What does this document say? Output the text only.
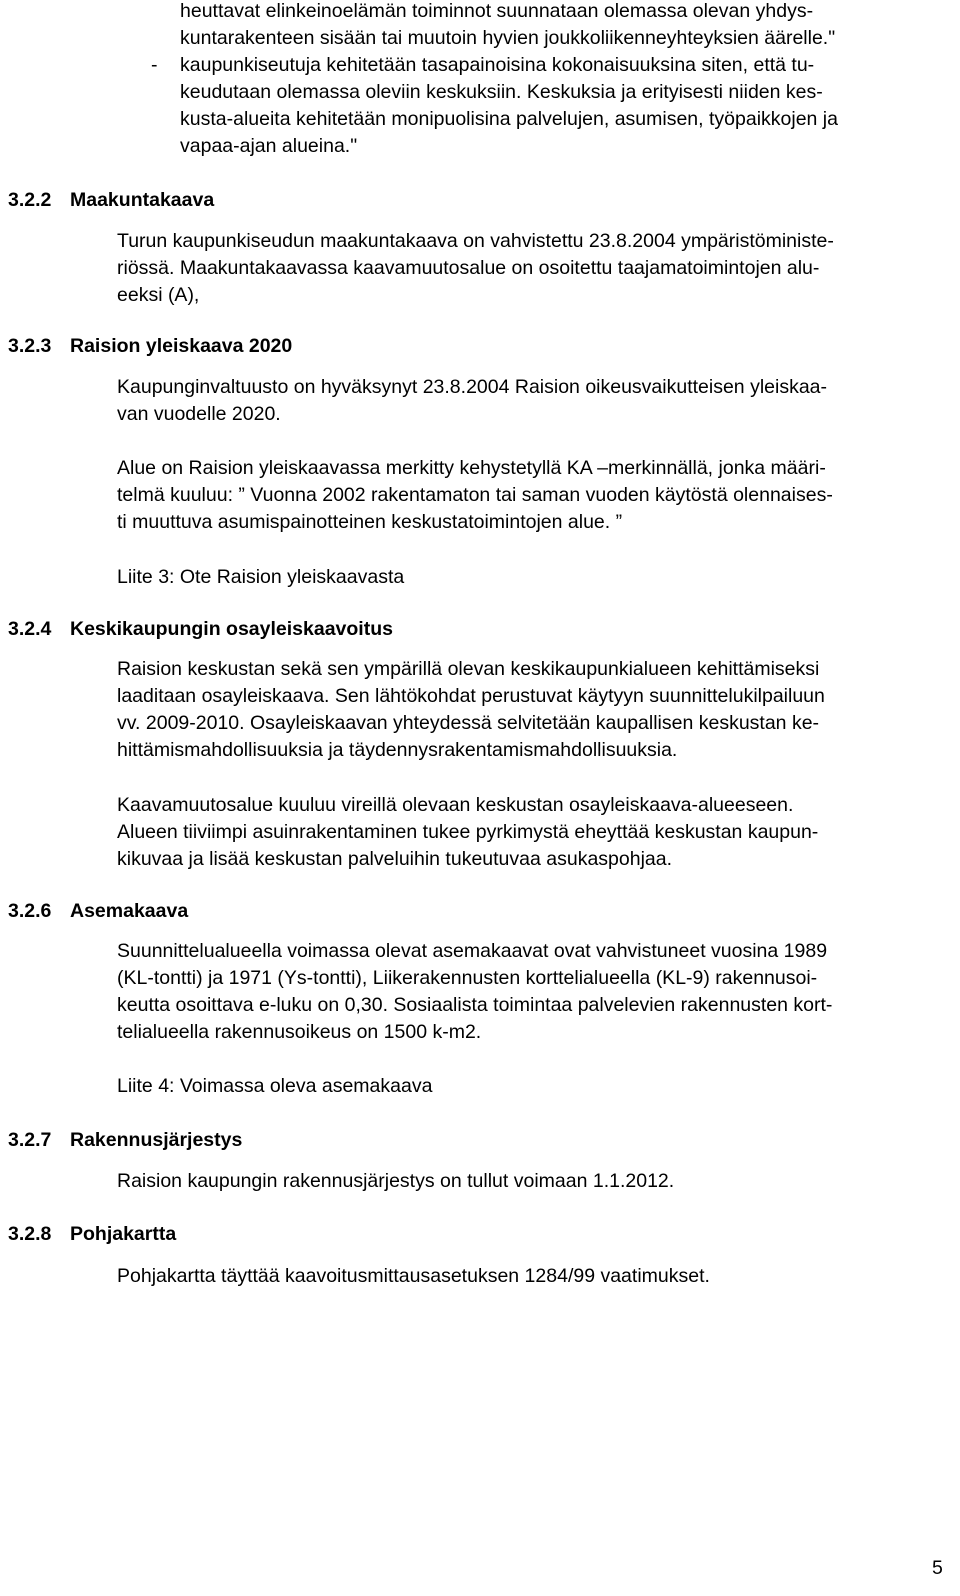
heuttavat elinkeinoelämän toiminnot suunnataan olemassa olevan yhdys-
kuntarakenteen sisään tai muutoin hyvien joukkoliikenneyhteyksien äärelle."
- kaupunkiseutuja kehitetään tasapainoisina kokonaisuuksina siten, että tu-
keudutaan olemassa oleviin keskuksiin. Keskuksia ja erityisesti niiden kes-
kusta-alueita kehitetään monipuolisina palvelujen, asumisen, työpaikkojen ja
vapaa-ajan alueina."
3.2.2 Maakuntakaava
Turun kaupunkiseudun maakuntakaava on vahvistettu 23.8.2004 ympäristöministe-
riössä. Maakuntakaavassa kaavamuutosalue on osoitettu taajamatoimintojen alu-
eeksi (A),
3.2.3 Raision yleiskaava 2020
Kaupunginvaltuusto on hyväksynyt 23.8.2004 Raision oikeusvaikutteisen yleiskaa-
van vuodelle 2020.
Alue on Raision yleiskaavassa merkitty kehystetyllä KA –merkinnällä, jonka määri-
telmä kuuluu: ” Vuonna 2002 rakentamaton tai saman vuoden käytöstä olennaises-
ti muuttuva asumispainotteinen keskustatoimintojen alue. ”
Liite 3: Ote Raision yleiskaavasta
3.2.4 Keskikaupungin osayleiskaavoitus
Raision keskustan sekä sen ympärillä olevan keskikaupunkialueen kehittämiseksi
laaditaan osayleiskaava. Sen lähtökohdat perustuvat käytyyn suunnittelukilpailuun
vv. 2009-2010. Osayleiskaavan yhteydessä selvitetään kaupallisen keskustan ke-
hittämismahdollisuuksia ja täydennysrakentamismahdollisuuksia.
Kaavamuutosalue kuuluu vireillä olevaan keskustan osayleiskaava-alueeseen.
Alueen tiiviimpi asuinrakentaminen tukee pyrkimystä eheyttää keskustan kaupun-
kikuvaa ja lisää keskustan palveluihin tukeutuvaa asukaspohjaa.
3.2.6 Asemakaava
Suunnittelualueella voimassa olevat asemakaavat ovat vahvistuneet vuosina 1989
(KL-tontti) ja 1971 (Ys-tontti), Liikerakennusten korttelialueella (KL-9) rakennusoi-
keutta osoittava e-luku on 0,30. Sosiaalista toimintaa palvelevien rakennusten kort-
telialueella rakennusoikeus on 1500 k-m2.
Liite 4: Voimassa oleva asemakaava
3.2.7 Rakennusjärjestys
Raision kaupungin rakennusjärjestys on tullut voimaan 1.1.2012.
3.2.8 Pohjakartta
Pohjakartta täyttää kaavoitusmittausasetuksen 1284/99 vaatimukset.
5
